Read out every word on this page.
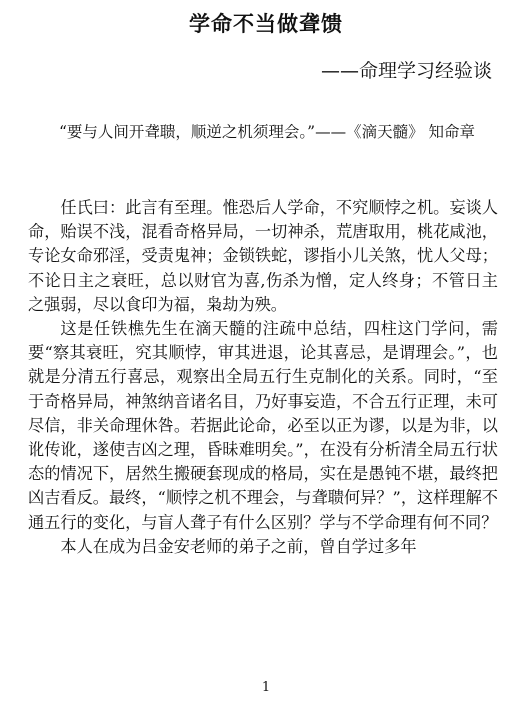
学命不当做聋馈
——命理学习经验谈
“要与人间开聋聩，顺逆之机须理会。”——《滴天髓》 知命章

任氏曰：此言有至理。惟恐后人学命，不究顺悖之机。妄谈人命，贻误不浅，混看奇格异局，一切神杀，荒唐取用，桃花咸池，专论女命邪淫，受责鬼神；金锁铁蛇，谬指小儿关煞，忧人父母；不论日主之衰旺，总以财官为喜,伤杀为憎，定人终身；不管日主之强弱，尽以食印为福，枭劫为殃。

这是任铁樵先生在滴天髓的注疏中总结，四柱这门学问，需要“察其衰旺，究其顺悖，审其进退，论其喜忌，是谓理会。”，也就是分清五行喜忌，观察出全局五行生克制化的关系。同时，“至于奇格异局，神煞纳音诸名目，乃好事妄造，不合五行正理，未可尽信，非关命理休咎。若据此论命，必至以正为谬，以是为非，以讹传讹，遂使吉凶之理，昏昧难明矣。”，在没有分析清全局五行状态的情况下，居然生搬硬套现成的格局，实在是愚钝不堪，最终把凶吉看反。最终，“顺悖之机不理会，与聋聩何异？”，这样理解不通五行的变化，与盲人聋子有什么区别？学与不学命理有何不同？

本人在成为吕金安老师的弟子之前，曾自学过多年

1
